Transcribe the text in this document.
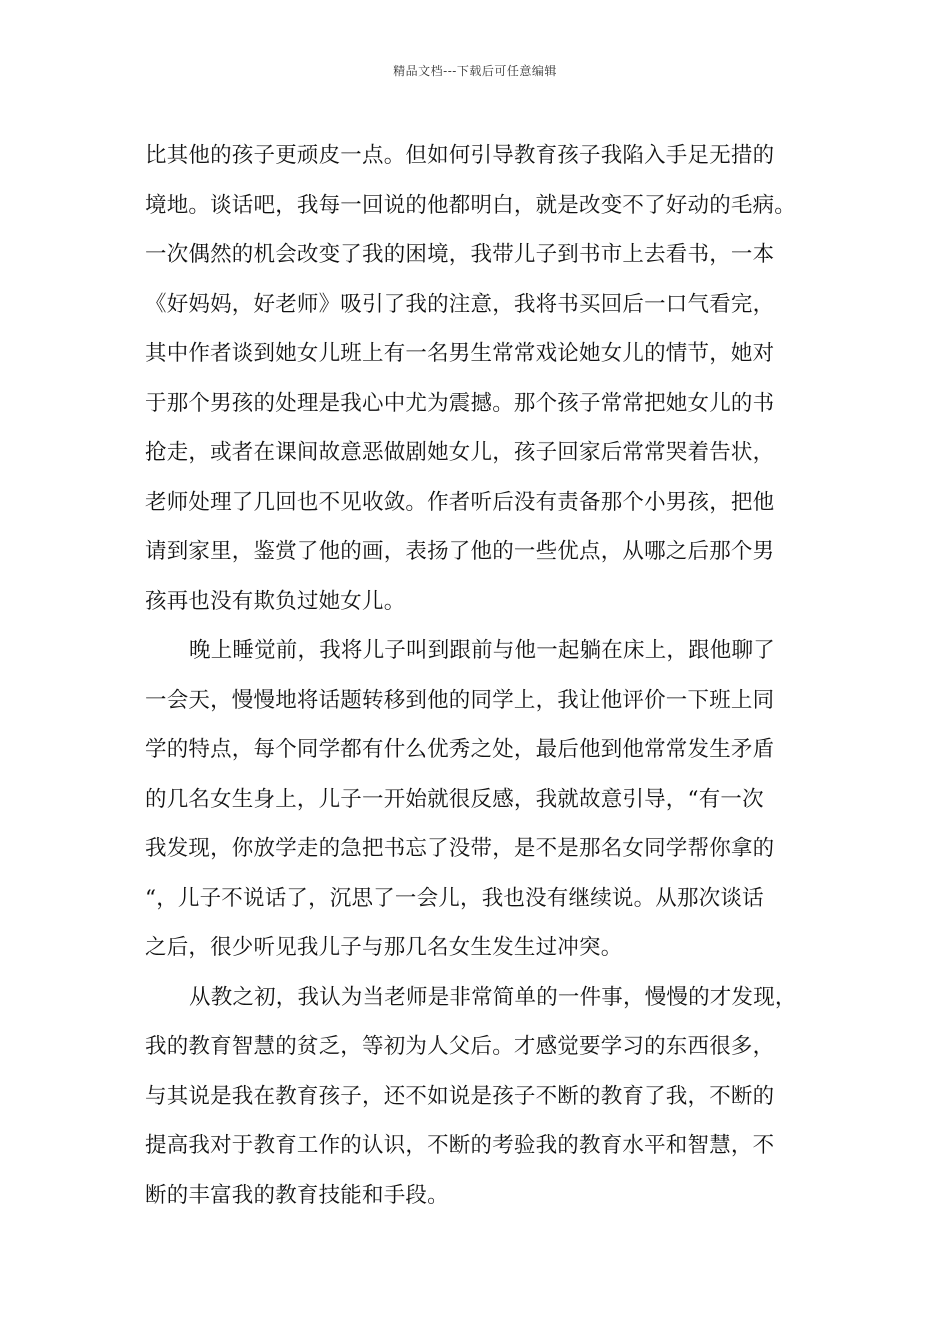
精品文档---下载后可任意编辑
比其他的孩子更顽皮一点。但如何引导教育孩子我陷入手足无措的
境地。谈话吧，我每一回说的他都明白，就是改变不了好动的毛病。
一次偶然的机会改变了我的困境，我带儿子到书市上去看书，一本
《好妈妈，好老师》吸引了我的注意，我将书买回后一口气看完，
其中作者谈到她女儿班上有一名男生常常戏论她女儿的情节，她对
于那个男孩的处理是我心中尤为震撼。那个孩子常常把她女儿的书
抢走，或者在课间故意恶做剧她女儿，孩子回家后常常哭着告状，
老师处理了几回也不见收敛。作者听后没有责备那个小男孩，把他
请到家里，鉴赏了他的画，表扬了他的一些优点，从哪之后那个男
孩再也没有欺负过她女儿。
晚上睡觉前，我将儿子叫到跟前与他一起躺在床上，跟他聊了
一会天，慢慢地将话题转移到他的同学上，我让他评价一下班上同
学的特点，每个同学都有什么优秀之处，最后他到他常常发生矛盾
的几名女生身上，儿子一开始就很反感，我就故意引导，“有一次
我发现，你放学走的急把书忘了没带，是不是那名女同学帮你拿的
“，儿子不说话了，沉思了一会儿，我也没有继续说。从那次谈话
之后，很少听见我儿子与那几名女生发生过冲突。
从教之初，我认为当老师是非常简单的一件事，慢慢的才发现，
我的教育智慧的贫乏，等初为人父后。才感觉要学习的东西很多，
与其说是我在教育孩子，还不如说是孩子不断的教育了我，不断的
提高我对于教育工作的认识，不断的考验我的教育水平和智慧，不
断的丰富我的教育技能和手段。
